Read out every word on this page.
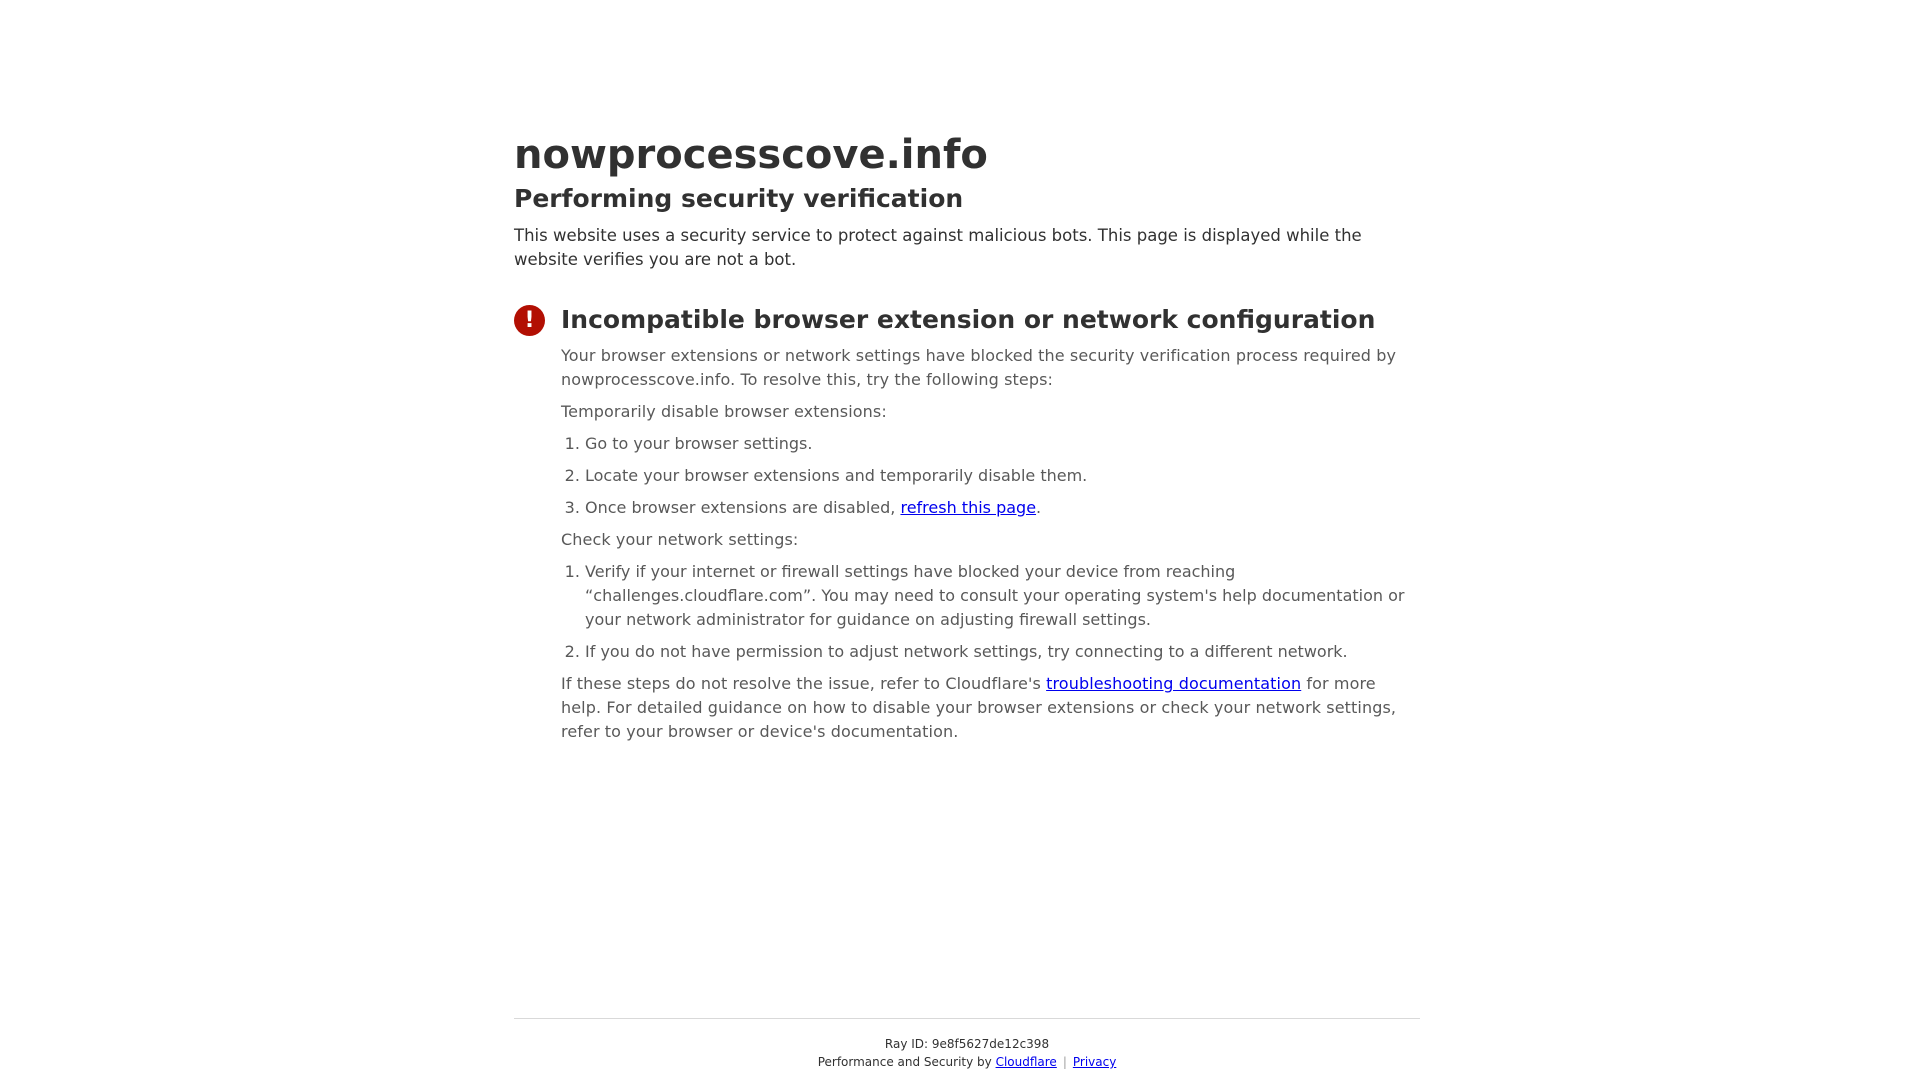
nowprocesscove.info
Performing security verification

This website uses a security service to protect against malicious bots. This page is displayed while the website verifies you are not a bot.

!	Incompatible browser extension or network configuration

Your browser extensions or network settings have blocked the security verification process required by nowprocesscove.info. To resolve this, try the following steps:

Temporarily disable browser extensions:

1. Go to your browser settings.
2. Locate your browser extensions and temporarily disable them.
3. Once browser extensions are disabled, refresh this page.

Check your network settings:

1. Verify if your internet or firewall settings have blocked your device from reaching “challenges.cloudflare.com”. You may need to consult your operating system's help documentation or your network administrator for guidance on adjusting firewall settings.
2. If you do not have permission to adjust network settings, try connecting to a different network.

If these steps do not resolve the issue, refer to Cloudflare's troubleshooting documentation for more help. For detailed guidance on how to disable your browser extensions or check your network settings, refer to your browser or device's documentation.

Ray ID: 9e8f5627de12c398
Performance and Security by Cloudflare | Privacy
